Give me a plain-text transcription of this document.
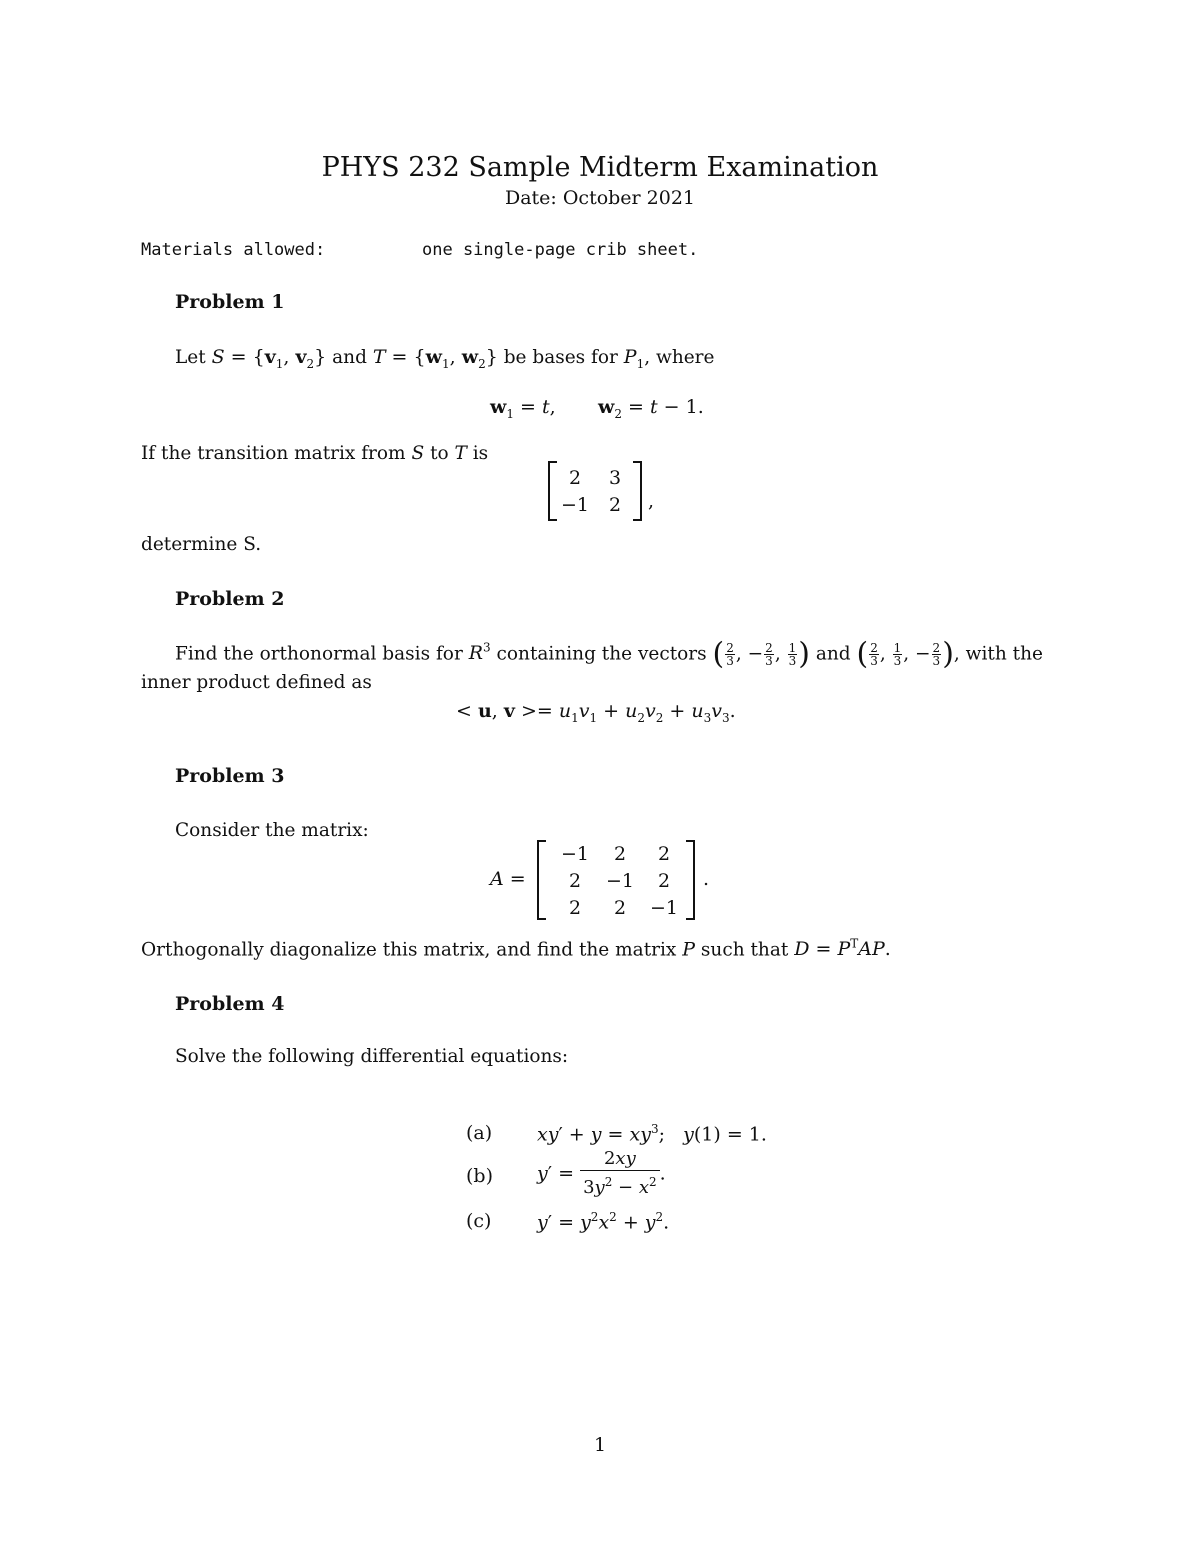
PHYS 232 Sample Midterm Examination
Date: October 2021
Materials allowed:	one single-page crib sheet.
Problem 1
Let $S = \{v_1$, $v_2$} and $T = \{w_1$, $w_2$} be bases for $P_1$, where
$w_1 = t$,       $w_2 = t - 1$.
If the transition matrix from S to T is
2	3
−1	2	,
determine S.
Problem 2
Find the orthonormal basis for $R^3$ containing the vectors ( $\frac{2}{3}$ , − $\frac{2}{3}$ , $\frac{1}{3}$ ) and ( $\frac{2}{3}$ , $\frac{1}{3}$ , − $\frac{2}{3}$ ), with the
inner product defined as
< u, $v >= u_1v_1 + u_2v_2 + u_3v_3$.
Problem 3
Consider the matrix:
A =
−1	2	2
2	−1	2
2	2	−1
.
Orthogonally diagonalize this matrix, and find the matrix P such that $D = P^TAP$.
Problem 4
Solve the following differential equations:
(a) $xy' + y = xy^3$;   y(1) = 1.
(b) $y' = \frac{2xy}{3y^2 - x^2}$ .
(c) $y' = y^2x^2 + y^2$.
1
